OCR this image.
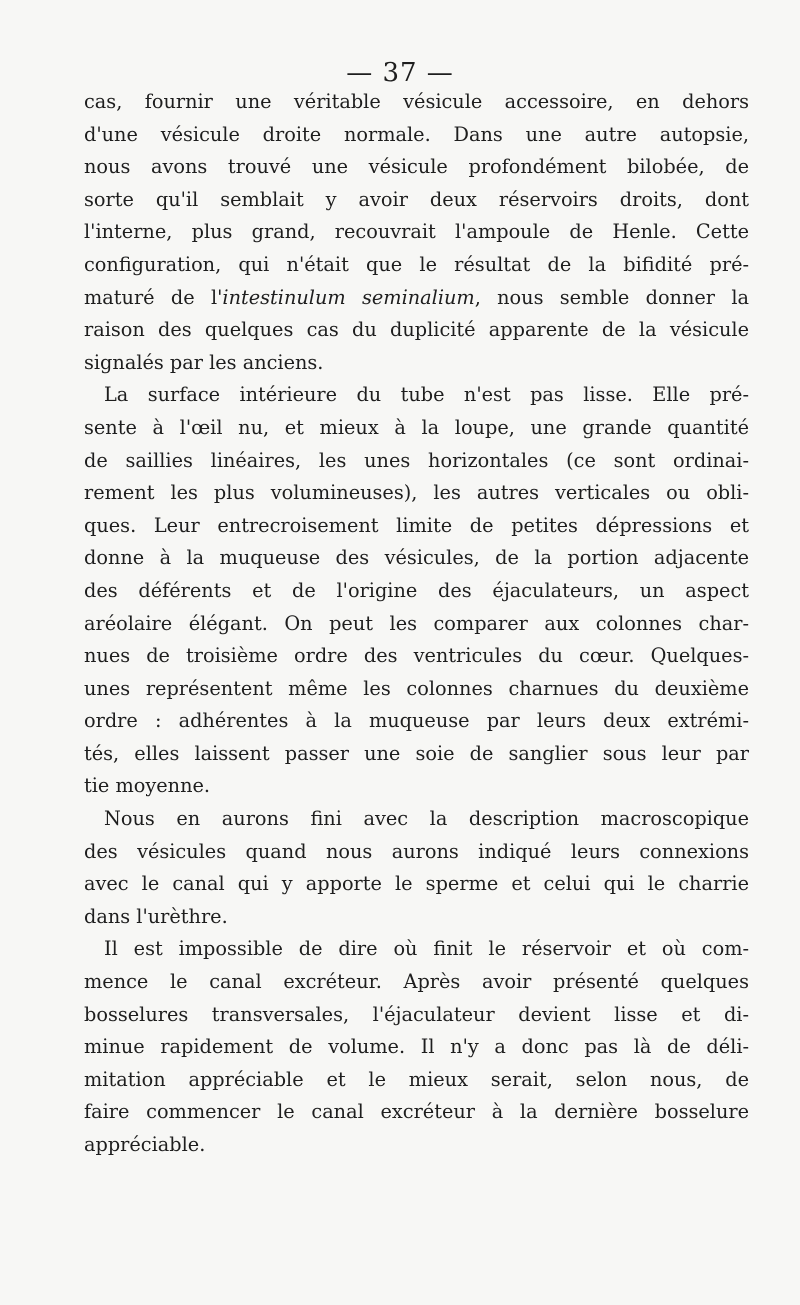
— 37 —
cas, fournir une véritable vésicule accessoire, en dehors
d'une vésicule droite normale. Dans une autre autopsie,
nous avons trouvé une vésicule profondément bilobée, de
sorte qu'il semblait y avoir deux réservoirs droits, dont
l'interne, plus grand, recouvrait l'ampoule de Henle. Cette
configuration, qui n'était que le résultat de la bifidité pré-
maturé de l'intestinulum seminalium, nous semble donner la
raison des quelques cas du duplicité apparente de la vésicule
signalés par les anciens.
La surface intérieure du tube n'est pas lisse. Elle pré-
sente à l'œil nu, et mieux à la loupe, une grande quantité
de saillies linéaires, les unes horizontales (ce sont ordinai-
rement les plus volumineuses), les autres verticales ou obli-
ques. Leur entrecroisement limite de petites dépressions et
donne à la muqueuse des vésicules, de la portion adjacente
des déférents et de l'origine des éjaculateurs, un aspect
aréolaire élégant. On peut les comparer aux colonnes char-
nues de troisième ordre des ventricules du cœur. Quelques-
unes représentent même les colonnes charnues du deuxième
ordre : adhérentes à la muqueuse par leurs deux extrémi-
tés, elles laissent passer une soie de sanglier sous leur par
tie moyenne.
Nous en aurons fini avec la description macroscopique
des vésicules quand nous aurons indiqué leurs connexions
avec le canal qui y apporte le sperme et celui qui le charrie
dans l'urèthre.
Il est impossible de dire où finit le réservoir et où com-
mence le canal excréteur. Après avoir présenté quelques
bosselures transversales, l'éjaculateur devient lisse et di-
minue rapidement de volume. Il n'y a donc pas là de déli-
mitation appréciable et le mieux serait, selon nous, de
faire commencer le canal excréteur à la dernière bosselure
appréciable.
